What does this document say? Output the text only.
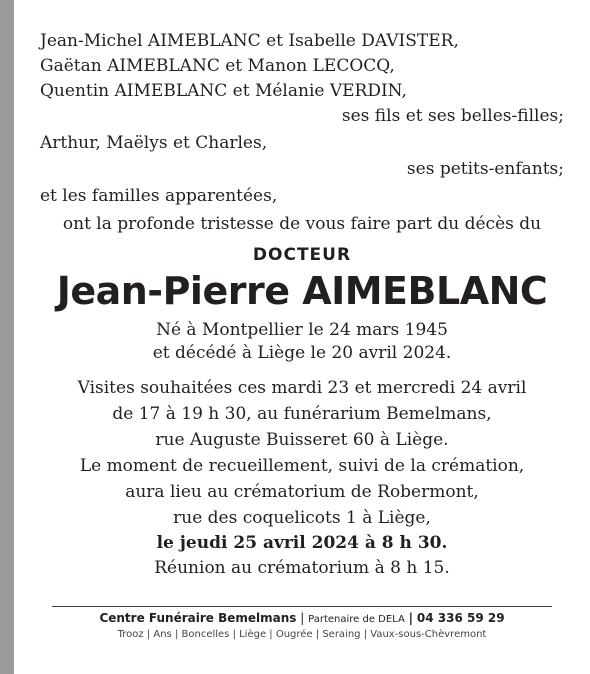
Jean-Michel AIMEBLANC et Isabelle DAVISTER,
Gaëtan AIMEBLANC et Manon LECOCQ,
Quentin AIMEBLANC et Mélanie VERDIN,
ses fils et ses belles-filles;
Arthur, Maëlys et Charles,
ses petits-enfants;
et les familles apparentées,
ont la profonde tristesse de vous faire part du décès du
DOCTEUR
Jean-Pierre AIMEBLANC
Né à Montpellier le 24 mars 1945
et décédé à Liège le 20 avril 2024.
Visites souhaitées ces mardi 23 et mercredi 24 avril
de 17 à 19 h 30, au funérarium Bemelmans,
rue Auguste Buisseret 60 à Liège.
Le moment de recueillement, suivi de la crémation,
aura lieu au crématorium de Robermont,
rue des coquelicots 1 à Liège,
le jeudi 25 avril 2024 à 8 h 30.
Réunion au crématorium à 8 h 15.
Centre Funéraire Bemelmans | Partenaire de DELA | 04 336 59 29
Trooz | Ans | Boncelles | Liège | Ougrée | Seraing | Vaux-sous-Chèvremont
